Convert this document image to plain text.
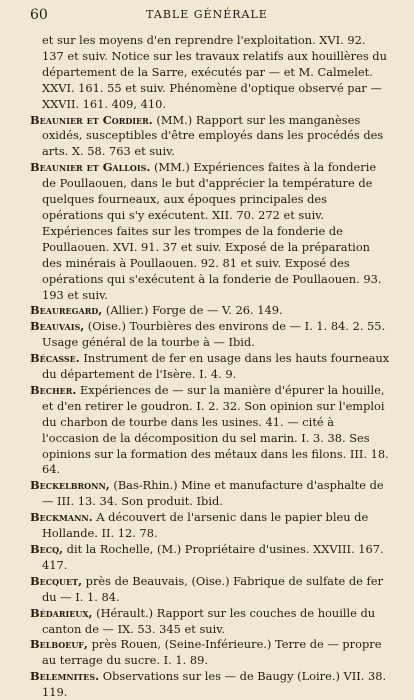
60	TABLE GÉNÉRALE

et sur les moyens d'en reprendre l'exploitation. XVI. 92. 137 et suiv. Notice sur les travaux relatifs aux houillères du département de la Sarre, exécutés par — et M. Calmelet. XXVI. 161. 55 et suiv. Phénomène d'optique observé par — XXVII. 161. 409, 410.

Beaunier et Cordier. (MM.) Rapport sur les manganèses oxidés, susceptibles d'être employés dans les procédés des arts. X. 58. 763 et suiv.

Beaunier et Gallois. (MM.) Expériences faites à la fonderie de Poullaouen, dans le but d'apprécier la température de quelques fourneaux, aux époques principales des opérations qui s'y exécutent. XII. 70. 272 et suiv. Expériences faites sur les trompes de la fonderie de Poullaouen. XVI. 91. 37 et suiv. Exposé de la préparation des minérais à Poullaouen. 92. 81 et suiv. Exposé des opérations qui s'exécutent à la fonderie de Poullaouen. 93. 193 et suiv.

Beauregard, (Allier.) Forge de — V. 26. 149.

Beauvais, (Oise.) Tourbières des environs de — I. 1. 84. 2. 55. Usage général de la tourbe à — Ibid.

Bécasse. Instrument de fer en usage dans les hauts fourneaux du département de l'Isère. I. 4. 9.

Becher. Expériences de — sur la manière d'épurer la houille, et d'en retirer le goudron. I. 2. 32. Son opinion sur l'emploi du charbon de tourbe dans les usines. 41. — cité à l'occasion de la décomposition du sel marin. I. 3. 38. Ses opinions sur la formation des métaux dans les filons. III. 18. 64.

Beckelbronn, (Bas-Rhin.) Mine et manufacture d'asphalte de — III. 13. 34. Son produit. Ibid.

Beckmann. A découvert de l'arsenic dans le papier bleu de Hollande. II. 12. 78.

Becq, dit la Rochelle, (M.) Propriétaire d'usines. XXVIII. 167. 417.

Becquet, près de Beauvais, (Oise.) Fabrique de sulfate de fer du — I. 1. 84.

Bédarieux, (Hérault.) Rapport sur les couches de houille du canton de — IX. 53. 345 et suiv.

Belboeuf, près Rouen, (Seine-Inférieure.) Terre de — propre au terrage du sucre. I. 1. 89.

Belemnites. Observations sur les — de Baugy (Loire.) VII. 38. 119.
